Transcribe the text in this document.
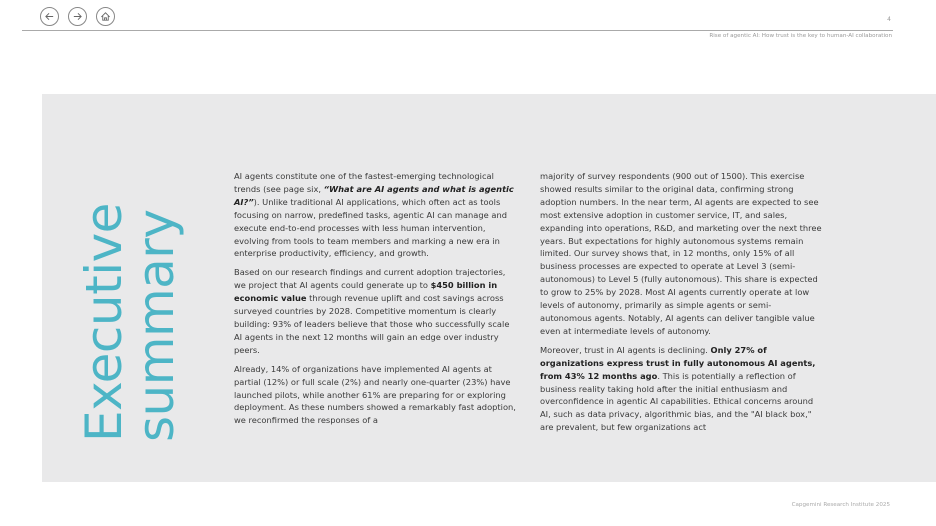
4
Rise of agentic AI: How trust is the key to human-AI collaboration
Executive
summary

AI agents constitute one of the fastest-emerging technological trends (see page six, “What are AI agents and what is agentic AI?”). Unlike traditional AI applications, which often act as tools focusing on narrow, predefined tasks, agentic AI can manage and execute end-to-end processes with less human intervention, evolving from tools to team members and marking a new era in enterprise productivity, efficiency, and growth.

Based on our research findings and current adoption trajectories, we project that AI agents could generate up to $450 billion in economic value through revenue uplift and cost savings across surveyed countries by 2028. Competitive momentum is clearly building: 93% of leaders believe that those who successfully scale AI agents in the next 12 months will gain an edge over industry peers.

Already, 14% of organizations have implemented AI agents at partial (12%) or full scale (2%) and nearly one-quarter (23%) have launched pilots, while another 61% are preparing for or exploring deployment. As these numbers showed a remarkably fast adoption, we reconfirmed the responses of a

majority of survey respondents (900 out of 1500). This exercise showed results similar to the original data, confirming strong adoption numbers. In the near term, AI agents are expected to see most extensive adoption in customer service, IT, and sales, expanding into operations, R&D, and marketing over the next three years. But expectations for highly autonomous systems remain limited. Our survey shows that, in 12 months, only 15% of all business processes are expected to operate at Level 3 (semi-autonomous) to Level 5 (fully autonomous). This share is expected to grow to 25% by 2028. Most AI agents currently operate at low levels of autonomy, primarily as simple agents or semi-autonomous agents. Notably, AI agents can deliver tangible value even at intermediate levels of autonomy.

Moreover, trust in AI agents is declining. Only 27% of organizations express trust in fully autonomous AI agents, from 43% 12 months ago. This is potentially a reflection of business reality taking hold after the initial enthusiasm and overconfidence in agentic AI capabilities. Ethical concerns around AI, such as data privacy, algorithmic bias, and the "AI black box," are prevalent, but few organizations act

Capgemini Research Institute 2025
